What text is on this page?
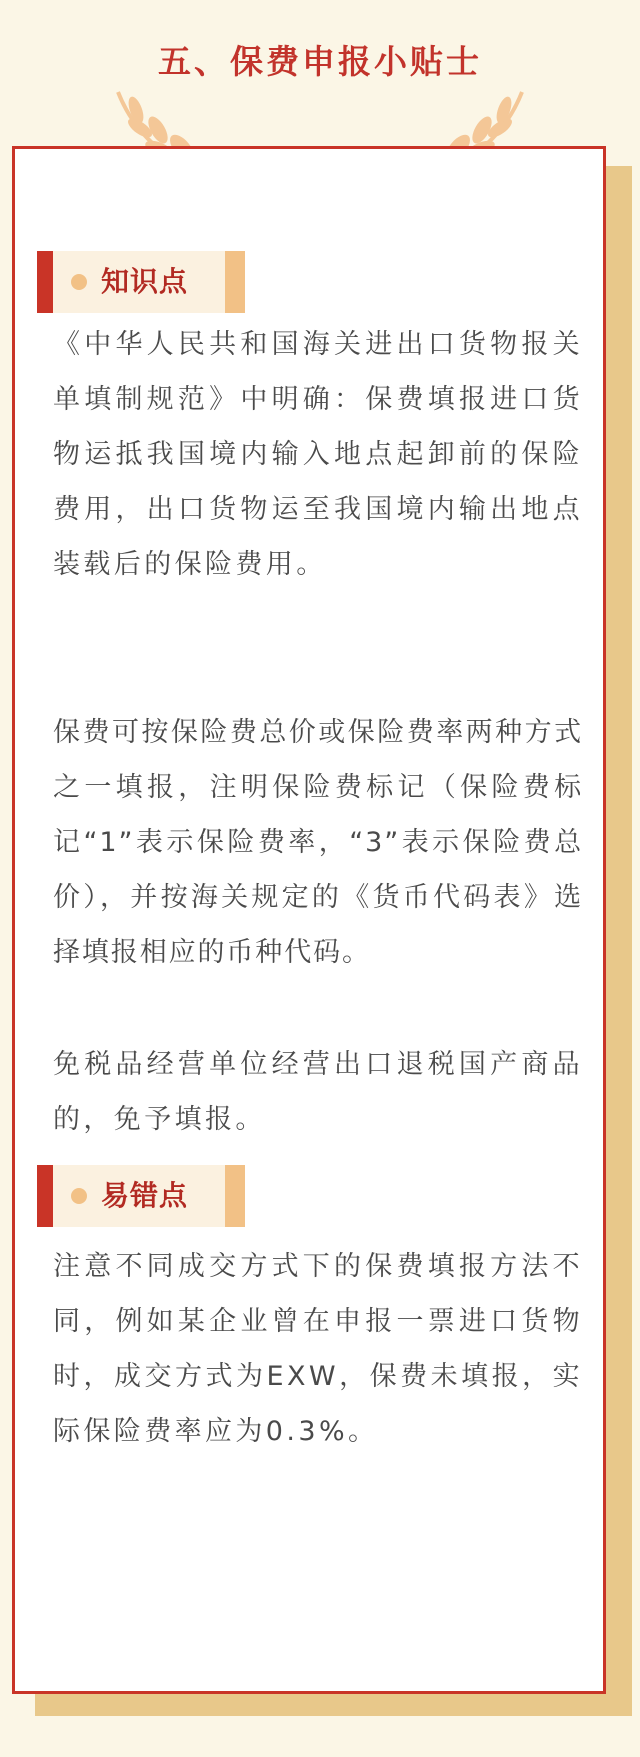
五、保费申报小贴士
知识点

《中华人民共和国海关进出口货物报关单填制规范》中明确：保费填报进口货物运抵我国境内输入地点起卸前的保险费用，出口货物运至我国境内输出地点装载后的保险费用。

保费可按保险费总价或保险费率两种方式之一填报，注明保险费标记（保险费标记“1”表示保险费率，“3”表示保险费总价），并按海关规定的《货币代码表》选择填报相应的币种代码。

免税品经营单位经营出口退税国产商品的，免予填报。

易错点

注意不同成交方式下的保费填报方法不同，例如某企业曾在申报一票进口货物时，成交方式为EXW，保费未填报，实际保险费率应为0.3%。
